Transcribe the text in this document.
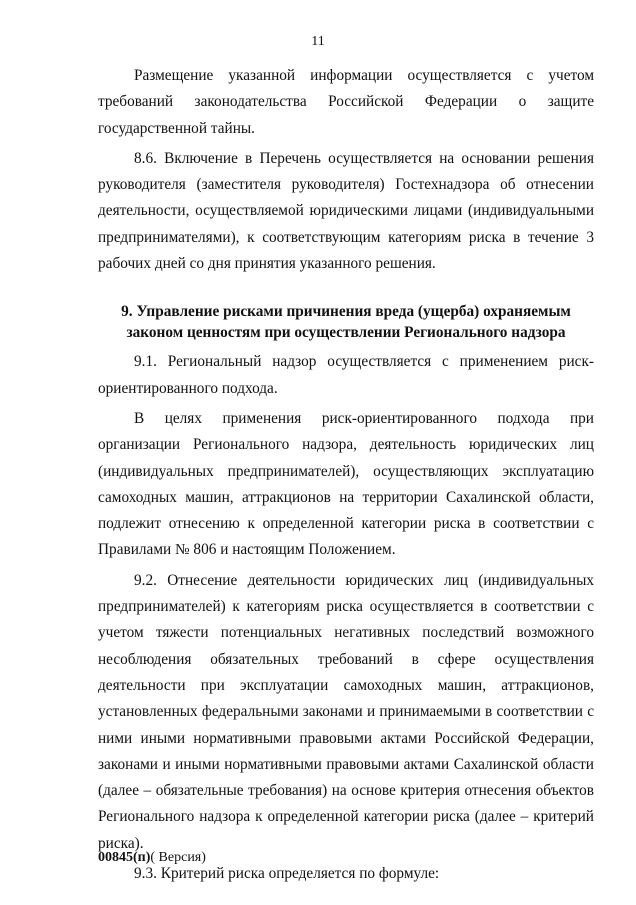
11

Размещение указанной информации осуществляется с учетом требований законодательства Российской Федерации о защите государственной тайны.

8.6. Включение в Перечень осуществляется на основании решения руководителя (заместителя руководителя) Гостехнадзора об отнесении деятельности, осуществляемой юридическими лицами (индивидуальными предпринимателями), к соответствующим категориям риска в течение 3 рабочих дней со дня принятия указанного решения.

9. Управление рисками причинения вреда (ущерба) охраняемым законом ценностям при осуществлении Регионального надзора

9.1. Региональный надзор осуществляется с применением риск-ориентированного подхода.

В целях применения риск-ориентированного подхода при организации Регионального надзора, деятельность юридических лиц (индивидуальных предпринимателей), осуществляющих эксплуатацию самоходных машин, аттракционов на территории Сахалинской области, подлежит отнесению к определенной категории риска в соответствии с Правилами № 806 и настоящим Положением.

9.2. Отнесение деятельности юридических лиц (индивидуальных предпринимателей) к категориям риска осуществляется в соответствии с учетом тяжести потенциальных негативных последствий возможного несоблюдения обязательных требований в сфере осуществления деятельности при эксплуатации самоходных машин, аттракционов, установленных федеральными законами и принимаемыми в соответствии с ними иными нормативными правовыми актами Российской Федерации, законами и иными нормативными правовыми актами Сахалинской области (далее – обязательные требования) на основе критерия отнесения объектов Регионального надзора к определенной категории риска (далее – критерий риска).

9.3. Критерий риска определяется по формуле:

00845(п)( Версия)
